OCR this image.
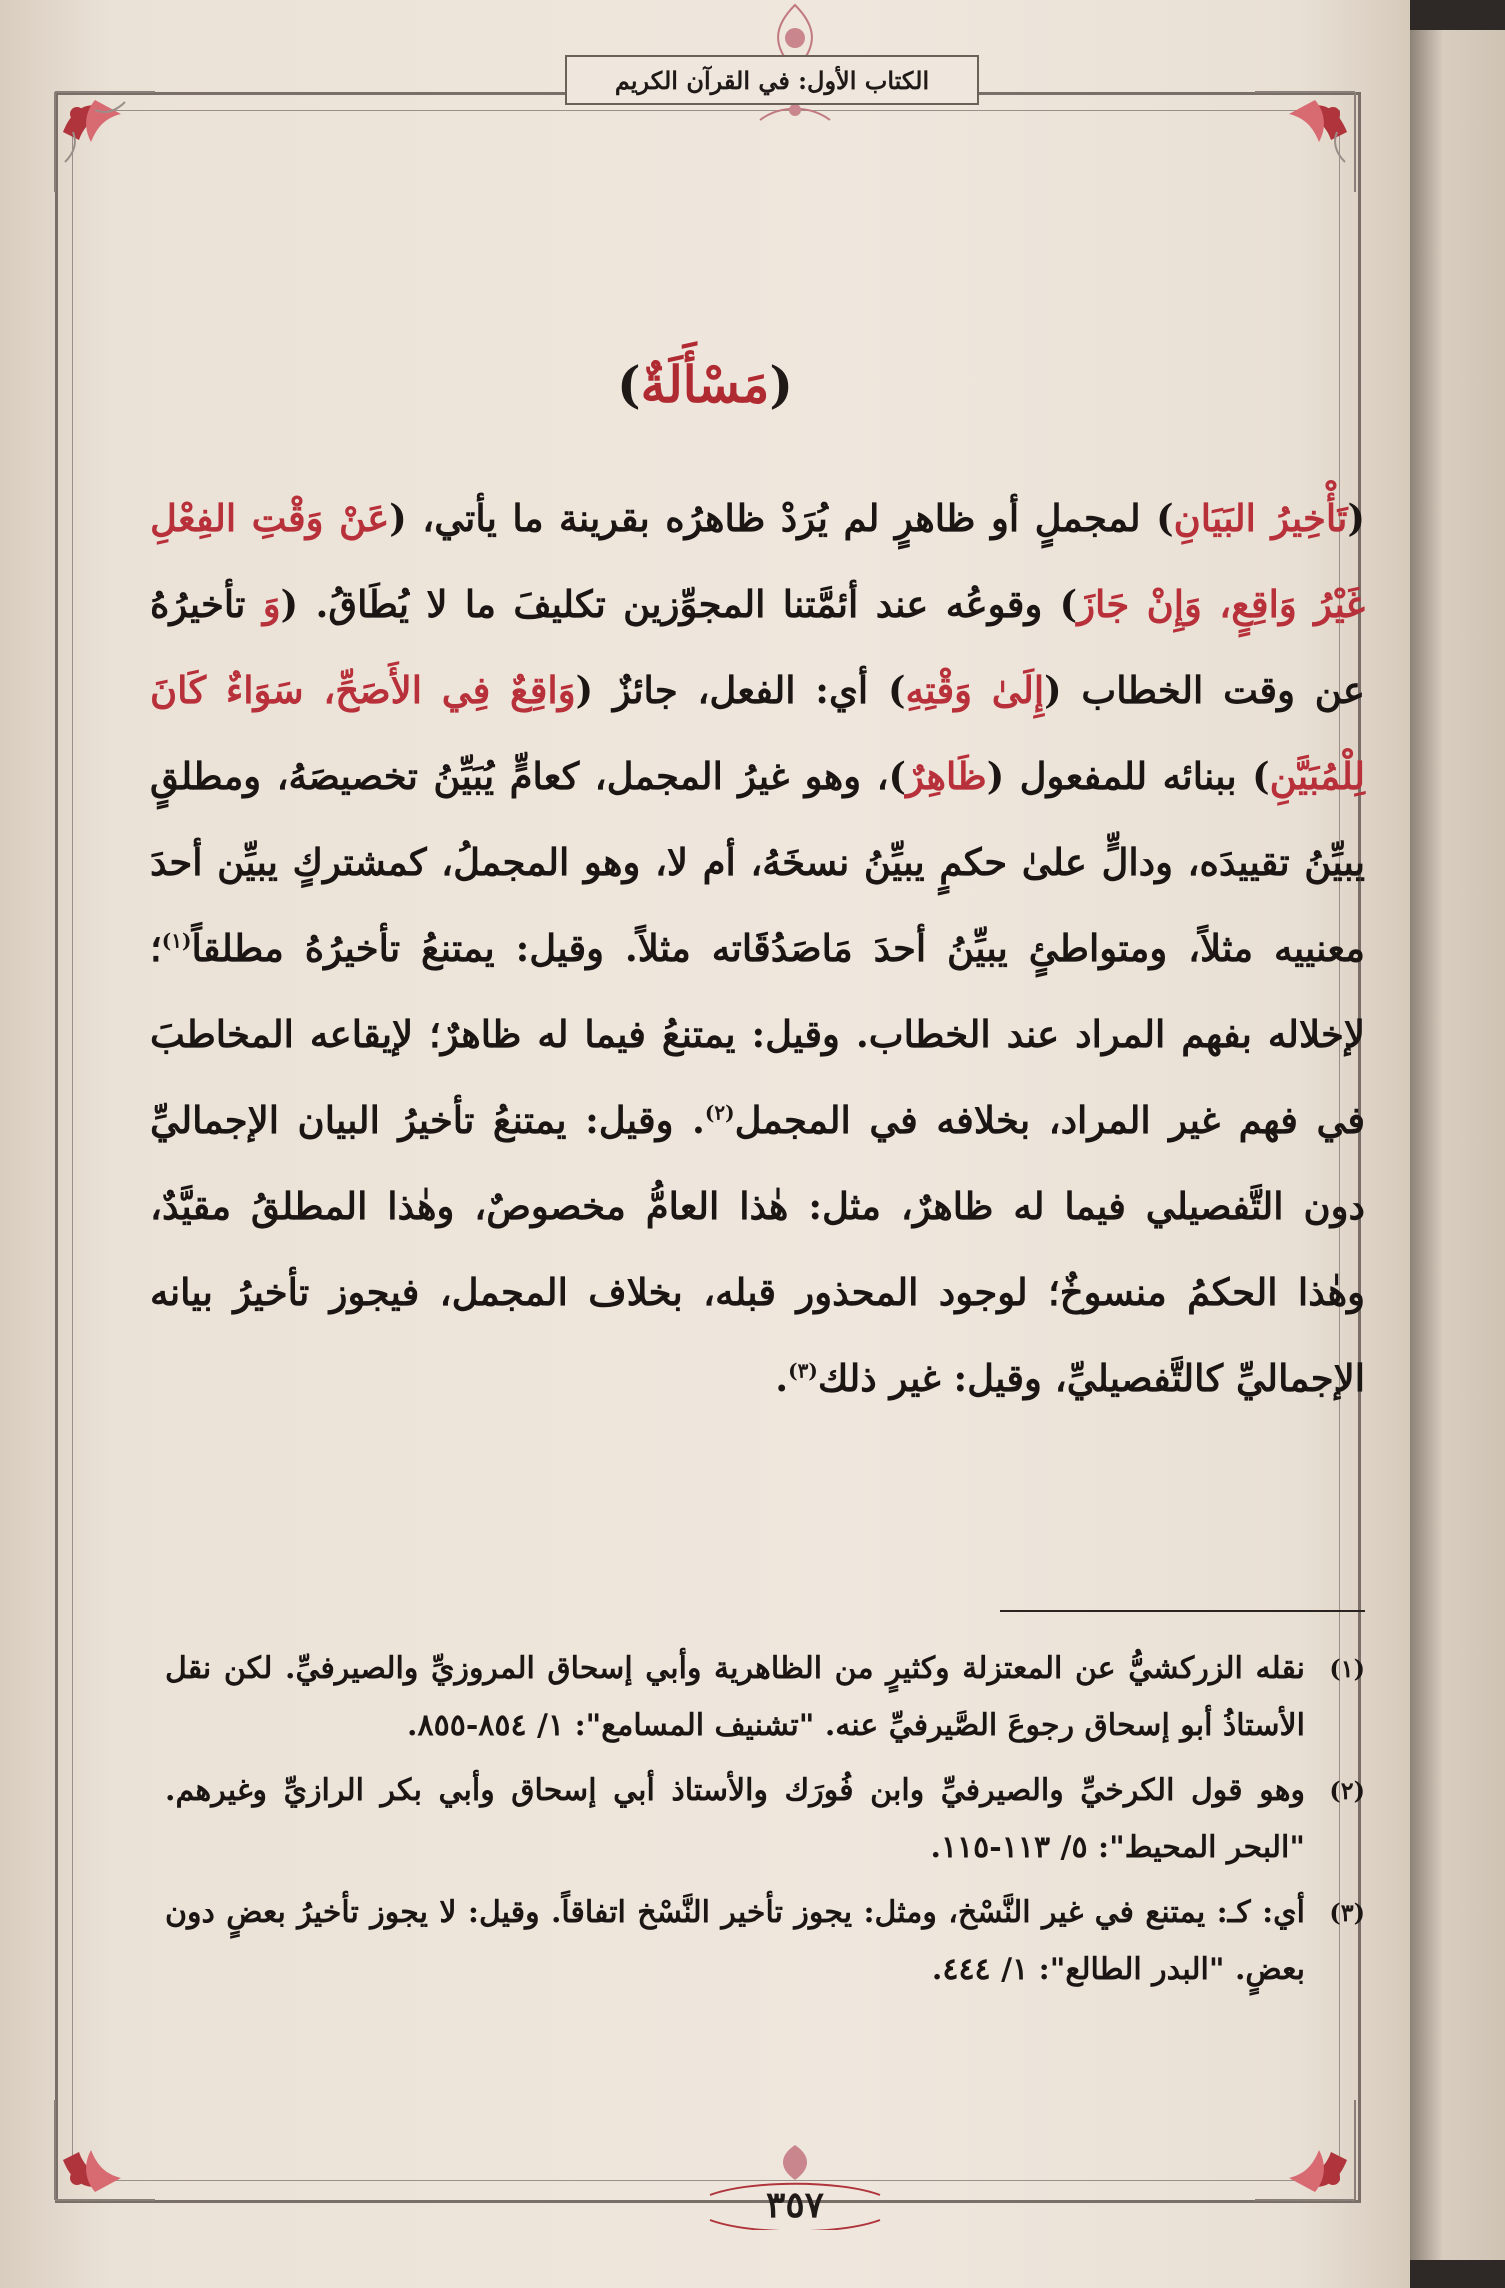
الكتاب الأول: في القرآن الكريم
(مَسْأَلَةٌ)
(تَأْخِيرُ البَيَانِ) لمجملٍ أو ظاهرٍ لم يُرَدْ ظاهرُه بقرينة ما يأتي، (عَنْ وَقْتِ الفِعْلِ غَيْرُ وَاقِعٍ، وَإِنْ جَازَ) وقوعُه عند أئمَّتنا المجوِّزين تكليفَ ما لا يُطَاقُ. (وَ تأخيرُهُ عن وقت الخطاب (إِلَىٰ وَقْتِهِ) أي: الفعل، جائزٌ (وَاقِعٌ فِي الأَصَحِّ، سَوَاءٌ كَانَ لِلْمُبَيَّنِ) ببنائه للمفعول (ظَاهِرٌ)، وهو غيرُ المجمل، كعامٍّ يُبَيِّنُ تخصيصَهُ، ومطلقٍ يبيِّنُ تقييدَه، ودالٍّ علىٰ حكمٍ يبيِّنُ نسخَهُ، أم لا، وهو المجملُ، كمشتركٍ يبيِّن أحدَ معنييه مثلاً، ومتواطئٍ يبيِّنُ أحدَ مَاصَدُقَاته مثلاً. وقيل: يمتنعُ تأخيرُهُ مطلقاً$^{(١)}$؛ لإخلاله بفهم المراد عند الخطاب. وقيل: يمتنعُ فيما له ظاهرٌ؛ لإيقاعه المخاطبَ في فهم غير المراد، بخلافه في المجمل$^{(٢)}$. وقيل: يمتنعُ تأخيرُ البيان الإجماليِّ دون التَّفصيلي فيما له ظاهرٌ، مثل: هٰذا العامُّ مخصوصٌ، وهٰذا المطلقُ مقيَّدٌ، وهٰذا الحكمُ منسوخٌ؛ لوجود المحذور قبله، بخلاف المجمل، فيجوز تأخيرُ بيانه الإجماليِّ كالتَّفصيليِّ، وقيل: غير ذلك$^{(٣)}$.
(١)
نقله الزركشيُّ عن المعتزلة وكثيرٍ من الظاهرية وأبي إسحاق المروزيِّ والصيرفيِّ. لكن نقل الأستاذُ أبو إسحاق رجوعَ الصَّيرفيِّ عنه. "تشنيف المسامع": ١/ ٨٥٤-٨٥٥.
(٢)
وهو قول الكرخيِّ والصيرفيِّ وابن فُورَك والأستاذ أبي إسحاق وأبي بكر الرازيِّ وغيرهم. "البحر المحيط": ٥/ ١١٣-١١٥.
(٣)
أي: كـ: يمتنع في غير النَّسْخ، ومثل: يجوز تأخير النَّسْخ اتفاقاً. وقيل: لا يجوز تأخيرُ بعضٍ دون بعضٍ. "البدر الطالع": ١/ ٤٤٤.
٣٥٧
